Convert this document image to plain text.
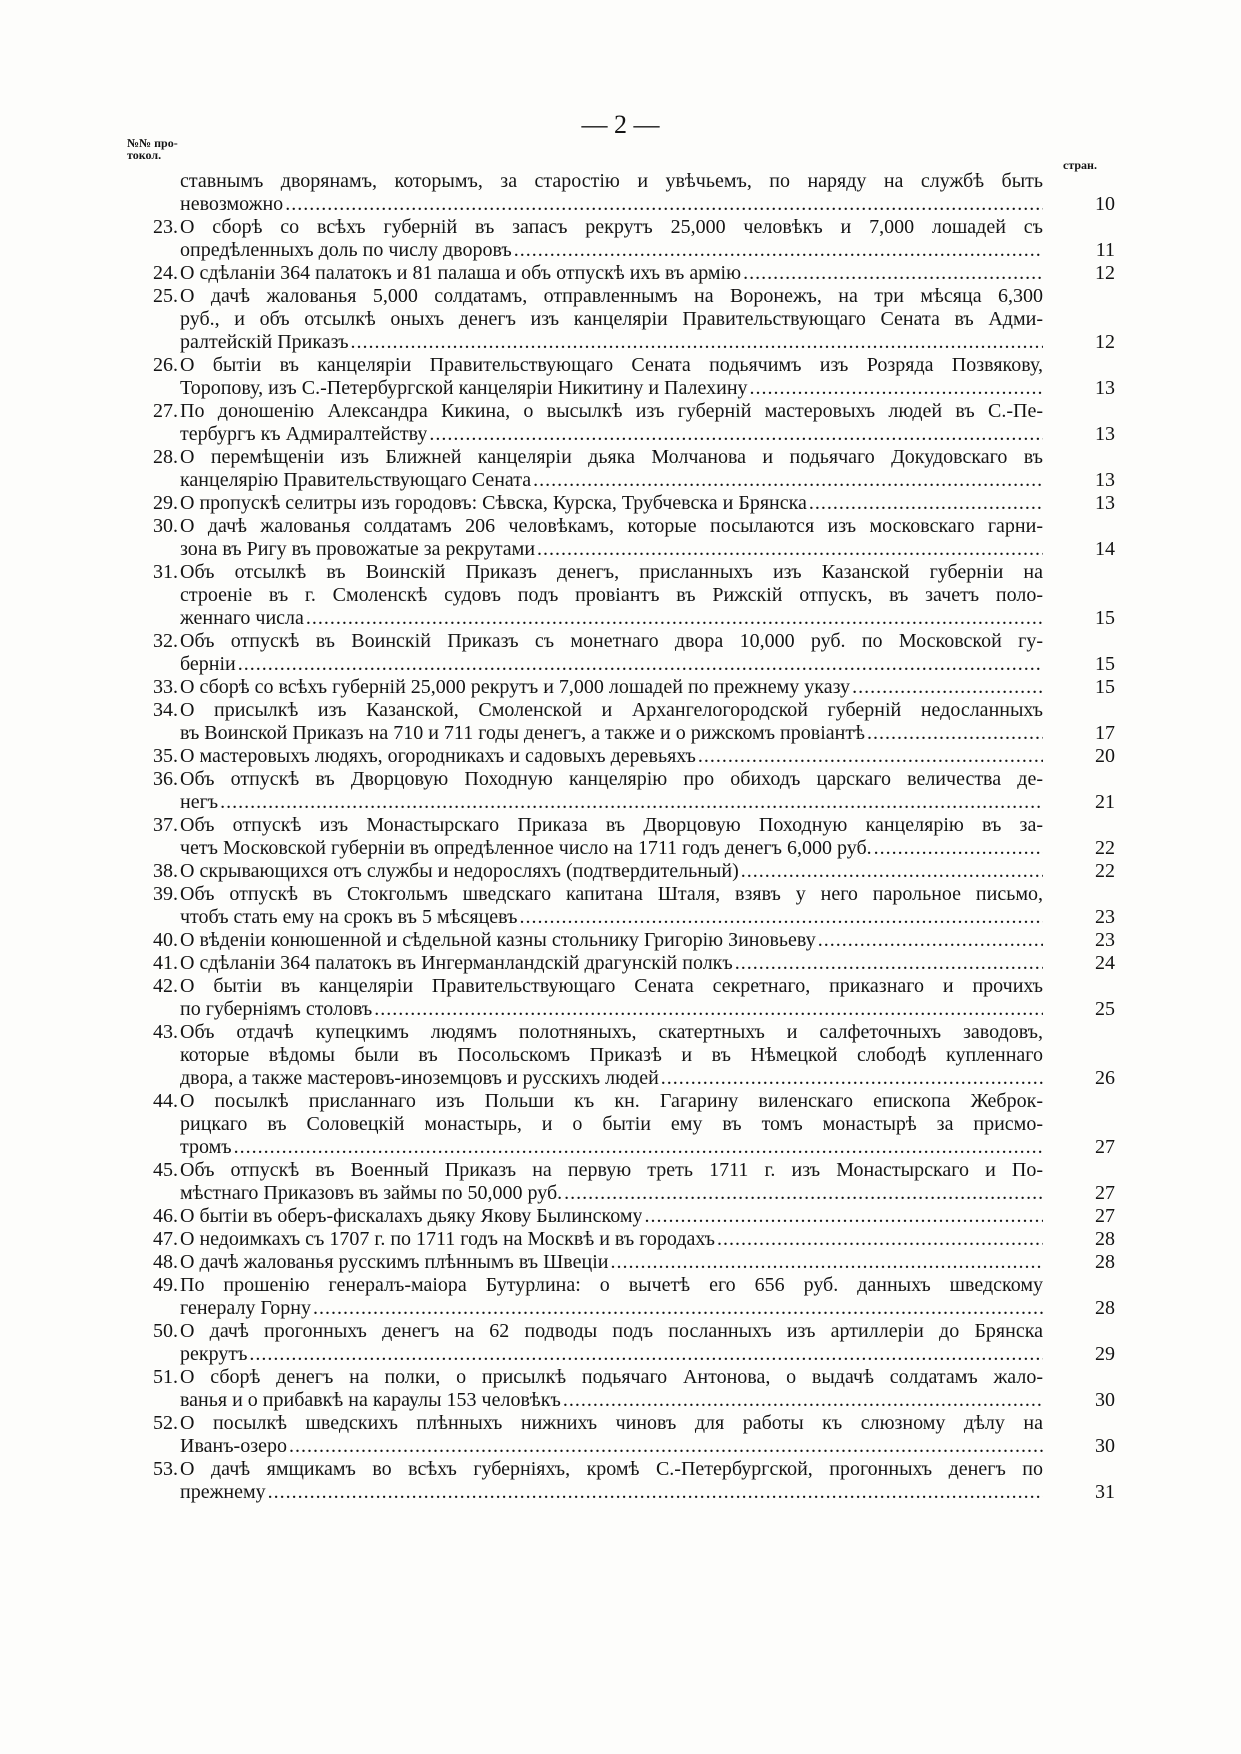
— 2 —
№№ про-
токол.
стран.
ставнымъ дворянамъ, которымъ, за старостію и увѣчьемъ, по наряду на службѣ быть
невозможно .....	10
23. О сборѣ со всѣхъ губерній въ запасъ рекрутъ 25,000 человѣкъ и 7,000 лошадей съ
опредѣленныхъ доль по числу дворовъ .....	11
24. О сдѣланіи 364 палатокъ и 81 палаша и объ отпускѣ ихъ въ армію .....	12
25. О дачѣ жалованья 5,000 солдатамъ, отправленнымъ на Воронежъ, на три мѣсяца 6,300
руб., и объ отсылкѣ оныхъ денегъ изъ канцеляріи Правительствующаго Сената въ Адми-
ралтейскій Приказъ .....	12
26. О бытіи въ канцеляріи Правительствующаго Сената подьячимъ изъ Розряда Позвякову,
Торопову, изъ С.-Петербургской канцеляріи Никитину и Палехину .....	13
27. По доношенію Александра Кикина, о высылкѣ изъ губерній мастеровыхъ людей въ С.-Пе-
тербургъ къ Адмиралтейству .....	13
28. О перемѣщеніи изъ Ближней канцеляріи дьяка Молчанова и подьячаго Докудовскаго въ
канцелярію Правительствующаго Сената .....	13
29. О пропускѣ селитры изъ городовъ: Сѣвска, Курска, Трубчевска и Брянска .....	13
30. О дачѣ жалованья солдатамъ 206 человѣкамъ, которые посылаются изъ московскаго гарни-
зона въ Ригу въ провожатые за рекрутами .....	14
31. Объ отсылкѣ въ Воинскій Приказъ денегъ, присланныхъ изъ Казанской губерніи на
строеніе въ г. Смоленскѣ судовъ подъ провіантъ въ Рижскій отпускъ, въ зачетъ поло-
женнаго числа .....	15
32. Объ отпускѣ въ Воинскій Приказъ съ монетнаго двора 10,000 руб. по Московской гу-
берніи .....	15
33. О сборѣ со всѣхъ губерній 25,000 рекрутъ и 7,000 лошадей по прежнему указу .....	15
34. О присылкѣ изъ Казанской, Смоленской и Архангелогородской губерній недосланныхъ
въ Воинской Приказъ на 710 и 711 годы денегъ, а также и о рижскомъ провіантѣ .....	17
35. О мастеровыхъ людяхъ, огородникахъ и садовыхъ деревьяхъ .....	20
36. Объ отпускѣ въ Дворцовую Походную канцелярію про обиходъ царскаго величества де-
негъ .....	21
37. Объ отпускѣ изъ Монастырскаго Приказа въ Дворцовую Походную канцелярію въ за-
четъ Московской губерніи въ опредѣленное число на 1711 годъ денегъ 6,000 руб. .....	22
38. О скрывающихся отъ службы и недоросляхъ (подтвердительный) .....	22
39. Объ отпускѣ въ Стокгольмъ шведскаго капитана Шталя, взявъ у него парольное письмо,
чтобъ стать ему на срокъ въ 5 мѣсяцевъ .....	23
40. О вѣденіи конюшенной и сѣдельной казны стольнику Григорію Зиновьеву .....	23
41. О сдѣланіи 364 палатокъ въ Ингерманландскій драгунскій полкъ .....	24
42. О бытіи въ канцеляріи Правительствующаго Сената секретнаго, приказнаго и прочихъ
по губерніямъ столовъ .....	25
43. Объ отдачѣ купецкимъ людямъ полотняныхъ, скатертныхъ и салфеточныхъ заводовъ,
которые вѣдомы были въ Посольскомъ Приказѣ и въ Нѣмецкой слободѣ купленнаго
двора, а также мастеровъ-иноземцовъ и русскихъ людей .....	26
44. О посылкѣ присланнаго изъ Польши къ кн. Гагарину виленскаго епископа Жеброк-
рицкаго въ Соловецкій монастырь, и о бытіи ему въ томъ монастырѣ за присмо-
тромъ .....	27
45. Объ отпускѣ въ Военный Приказъ на первую треть 1711 г. изъ Монастырскаго и По-
мѣстнаго Приказовъ въ займы по 50,000 руб. .....	27
46. О бытіи въ оберъ-фискалахъ дьяку Якову Былинскому .....	27
47. О недоимкахъ съ 1707 г. по 1711 годъ на Москвѣ и въ городахъ .....	28
48. О дачѣ жалованья русскимъ плѣннымъ въ Швеціи .....	28
49. По прошенію генералъ-маіора Бутурлина: о вычетѣ его 656 руб. данныхъ шведскому
генералу Горну .....	28
50. О дачѣ прогонныхъ денегъ на 62 подводы подъ посланныхъ изъ артиллеріи до Брянска
рекрутъ .....	29
51. О сборѣ денегъ на полки, о присылкѣ подьячаго Антонова, о выдачѣ солдатамъ жало-
ванья и о прибавкѣ на караулы 153 человѣкъ .....	30
52. О посылкѣ шведскихъ плѣнныхъ нижнихъ чиновъ для работы къ слюзному дѣлу на
Иванъ-озеро .....	30
53. О дачѣ ямщикамъ во всѣхъ губерніяхъ, кромѣ С.-Петербургской, прогонныхъ денегъ по
прежнему .....	31
